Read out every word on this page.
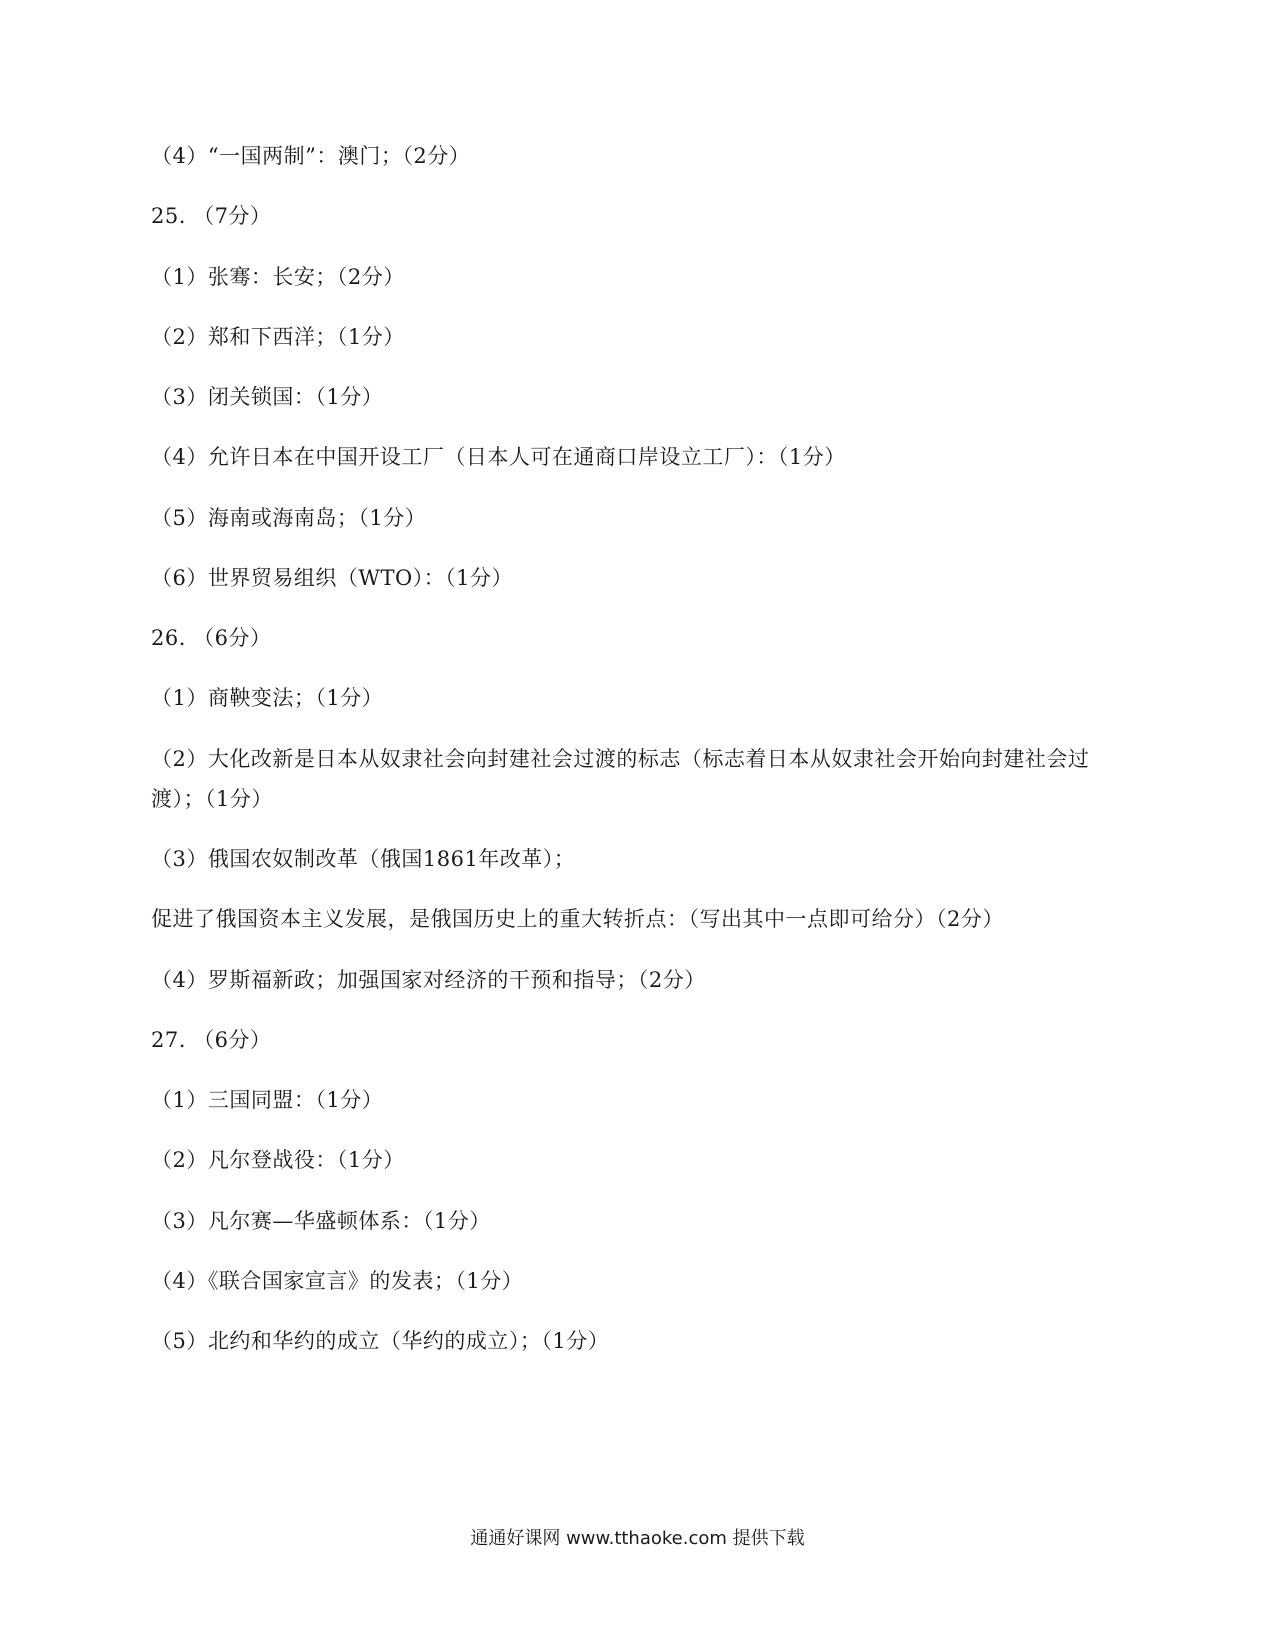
（4）“一国两制”：澳门；（2分）
25. （7分）
（1）张骞：长安；（2分）
（2）郑和下西洋；（1分）
（3）闭关锁国：（1分）
（4）允许日本在中国开设工厂（日本人可在通商口岸设立工厂）：（1分）
（5）海南或海南岛；（1分）
（6）世界贸易组织（WTO）：（1分）
26. （6分）
（1）商鞅变法；（1分）
（2）大化改新是日本从奴隶社会向封建社会过渡的标志（标志着日本从奴隶社会开始向封建社会过
渡）；（1分）
（3）俄国农奴制改革（俄国1861年改革）；
促进了俄国资本主义发展，是俄国历史上的重大转折点：（写出其中一点即可给分）（2分）
（4）罗斯福新政；加强国家对经济的干预和指导；（2分）
27. （6分）
（1）三国同盟：（1分）
（2）凡尔登战役：（1分）
（3）凡尔赛—华盛顿体系：（1分）
（4）《联合国家宣言》的发表；（1分）
（5）北约和华约的成立（华约的成立）；（1分）
通通好课网 www.tthaoke.com 提供下载
